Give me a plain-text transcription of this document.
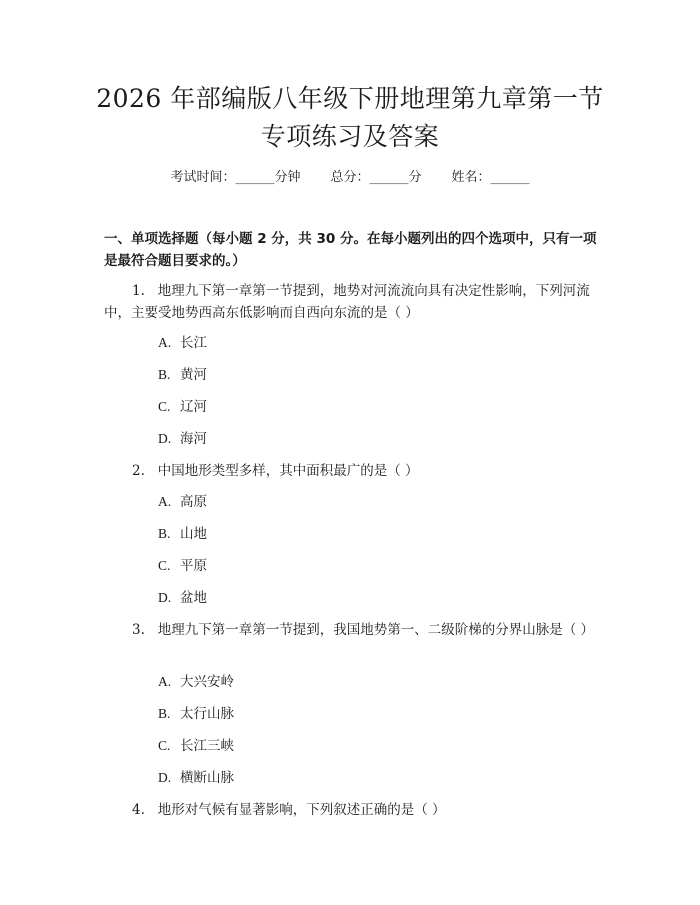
2026 年部编版八年级下册地理第九章第一节
专项练习及答案
考试时间：______分钟 总分：______分 姓名：______
一、单项选择题（每小题 2 分，共 30 分。在每小题列出的四个选项中，只有一项是最符合题目要求的。）
1. 地理九下第一章第一节提到，地势对河流流向具有决定性影响，下列河流中，主要受地势西高东低影响而自西向东流的是（ ）
A. 长江
B. 黄河
C. 辽河
D. 海河
2. 中国地形类型多样，其中面积最广的是（ ）
A. 高原
B. 山地
C. 平原
D. 盆地
3. 地理九下第一章第一节提到，我国地势第一、二级阶梯的分界山脉是（ ）
A. 大兴安岭
B. 太行山脉
C. 长江三峡
D. 横断山脉
4. 地形对气候有显著影响，下列叙述正确的是（ ）
